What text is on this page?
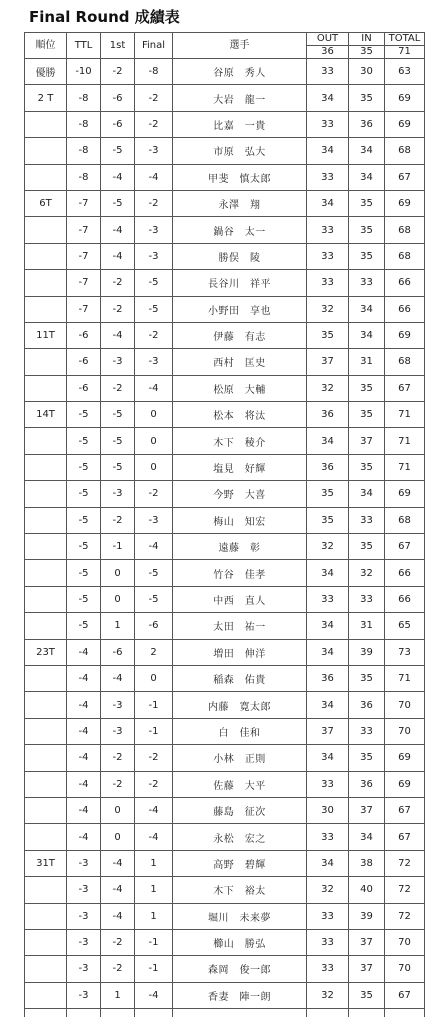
Final Round 成績表
順位	TTL	1st	Final	選手	OUT	IN	TOTAL
					36	35	71
優勝	-10	-2	-8	谷原　秀人	33	30	63
2 T	-8	-6	-2	大岩　龍一	34	35	69
	-8	-6	-2	比嘉　一貴	33	36	69
	-8	-5	-3	市原　弘大	34	34	68
	-8	-4	-4	甲斐　慎太郎	33	34	67
6T	-7	-5	-2	永澤　翔	34	35	69
	-7	-4	-3	鍋谷　太一	33	35	68
	-7	-4	-3	勝俣　陵	33	35	68
	-7	-2	-5	長谷川　祥平	33	33	66
	-7	-2	-5	小野田　享也	32	34	66
11T	-6	-4	-2	伊藤　有志	35	34	69
	-6	-3	-3	西村　匡史	37	31	68
	-6	-2	-4	松原　大輔	32	35	67
14T	-5	-5	0	松本　将汰	36	35	71
	-5	-5	0	木下　稜介	34	37	71
	-5	-5	0	塩見　好輝	36	35	71
	-5	-3	-2	今野　大喜	35	34	69
	-5	-2	-3	梅山　知宏	35	33	68
	-5	-1	-4	遠藤　彰	32	35	67
	-5	0	-5	竹谷　佳孝	34	32	66
	-5	0	-5	中西　直人	33	33	66
	-5	1	-6	太田　祐一	34	31	65
23T	-4	-6	2	増田　伸洋	34	39	73
	-4	-4	0	稲森　佑貴	36	35	71
	-4	-3	-1	内藤　寛太郎	34	36	70
	-4	-3	-1	白　佳和	37	33	70
	-4	-2	-2	小林　正則	34	35	69
	-4	-2	-2	佐藤　大平	33	36	69
	-4	0	-4	藤島　征次	30	37	67
	-4	0	-4	永松　宏之	33	34	67
31T	-3	-4	1	高野　碧輝	34	38	72
	-3	-4	1	木下　裕太	32	40	72
	-3	-4	1	堀川　未来夢	33	39	72
	-3	-2	-1	櫛山　勝弘	33	37	70
	-3	-2	-1	森岡　俊一郎	33	37	70
	-3	1	-4	香妻　陣一朗	32	35	67
